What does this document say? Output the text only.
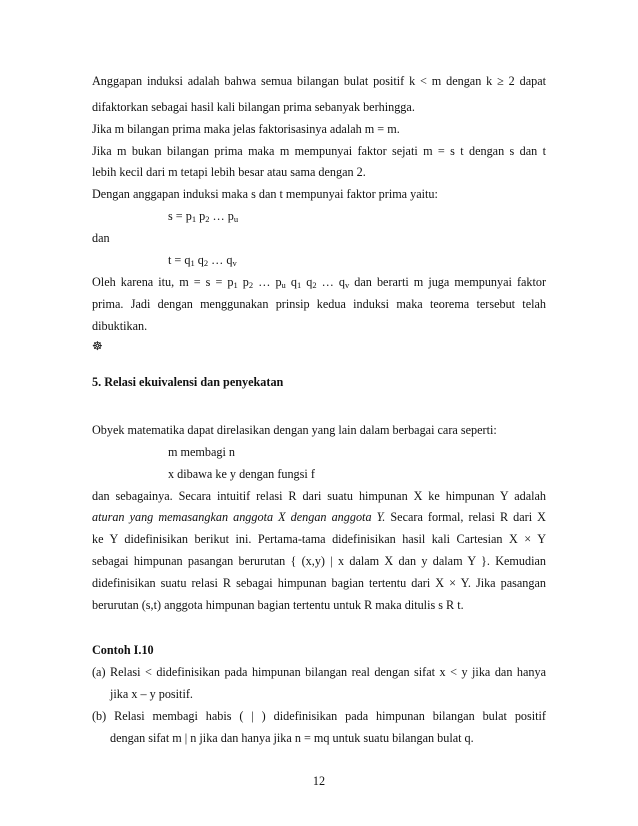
Anggapan induksi adalah bahwa semua bilangan bulat positif k < m dengan k ≥ 2 dapat
difaktorkan sebagai hasil kali bilangan prima sebanyak berhingga.
Jika m bilangan prima maka jelas faktorisasinya adalah m = m.
Jika m bukan bilangan prima maka m mempunyai faktor sejati m = s t dengan s dan t
lebih kecil dari m tetapi lebih besar atau sama dengan 2.
Dengan anggapan induksi maka s dan t mempunyai faktor prima yaitu:
$s = p_1$ $p_2$ … $p_u$
dan
$t = q_1$ $q_2$ … $q_v$
Oleh karena itu, $m = s = p_1$ $p_2$ … $p_u$ $q_1$ $q_2$ … $q_v$ dan berarti m juga mempunyai faktor
prima. Jadi dengan menggunakan prinsip kedua induksi maka teorema tersebut telah
dibuktikan.
☸
5. Relasi ekuivalensi dan penyekatan
Obyek matematika dapat direlasikan dengan yang lain dalam berbagai cara seperti:
m membagi n
x dibawa ke y dengan fungsi f
dan sebagainya. Secara intuitif relasi R dari suatu himpunan X ke himpunan Y adalah
aturan yang memasangkan anggota X dengan anggota Y. Secara formal, relasi R dari X
ke Y didefinisikan berikut ini. Pertama-tama didefinisikan hasil kali Cartesian X × Y
sebagai himpunan pasangan berurutan { (x,y) | x dalam X dan y dalam Y }. Kemudian
didefinisikan suatu relasi R sebagai himpunan bagian tertentu dari X × Y. Jika pasangan
berurutan (s,t) anggota himpunan bagian tertentu untuk R maka ditulis s R t.
Contoh I.10
(a) Relasi < didefinisikan pada himpunan bilangan real dengan sifat x < y jika dan hanya
jika x – y positif.
(b) Relasi membagi habis ( | ) didefinisikan pada himpunan bilangan bulat positif
dengan sifat m | n jika dan hanya jika n = mq untuk suatu bilangan bulat q.
12
